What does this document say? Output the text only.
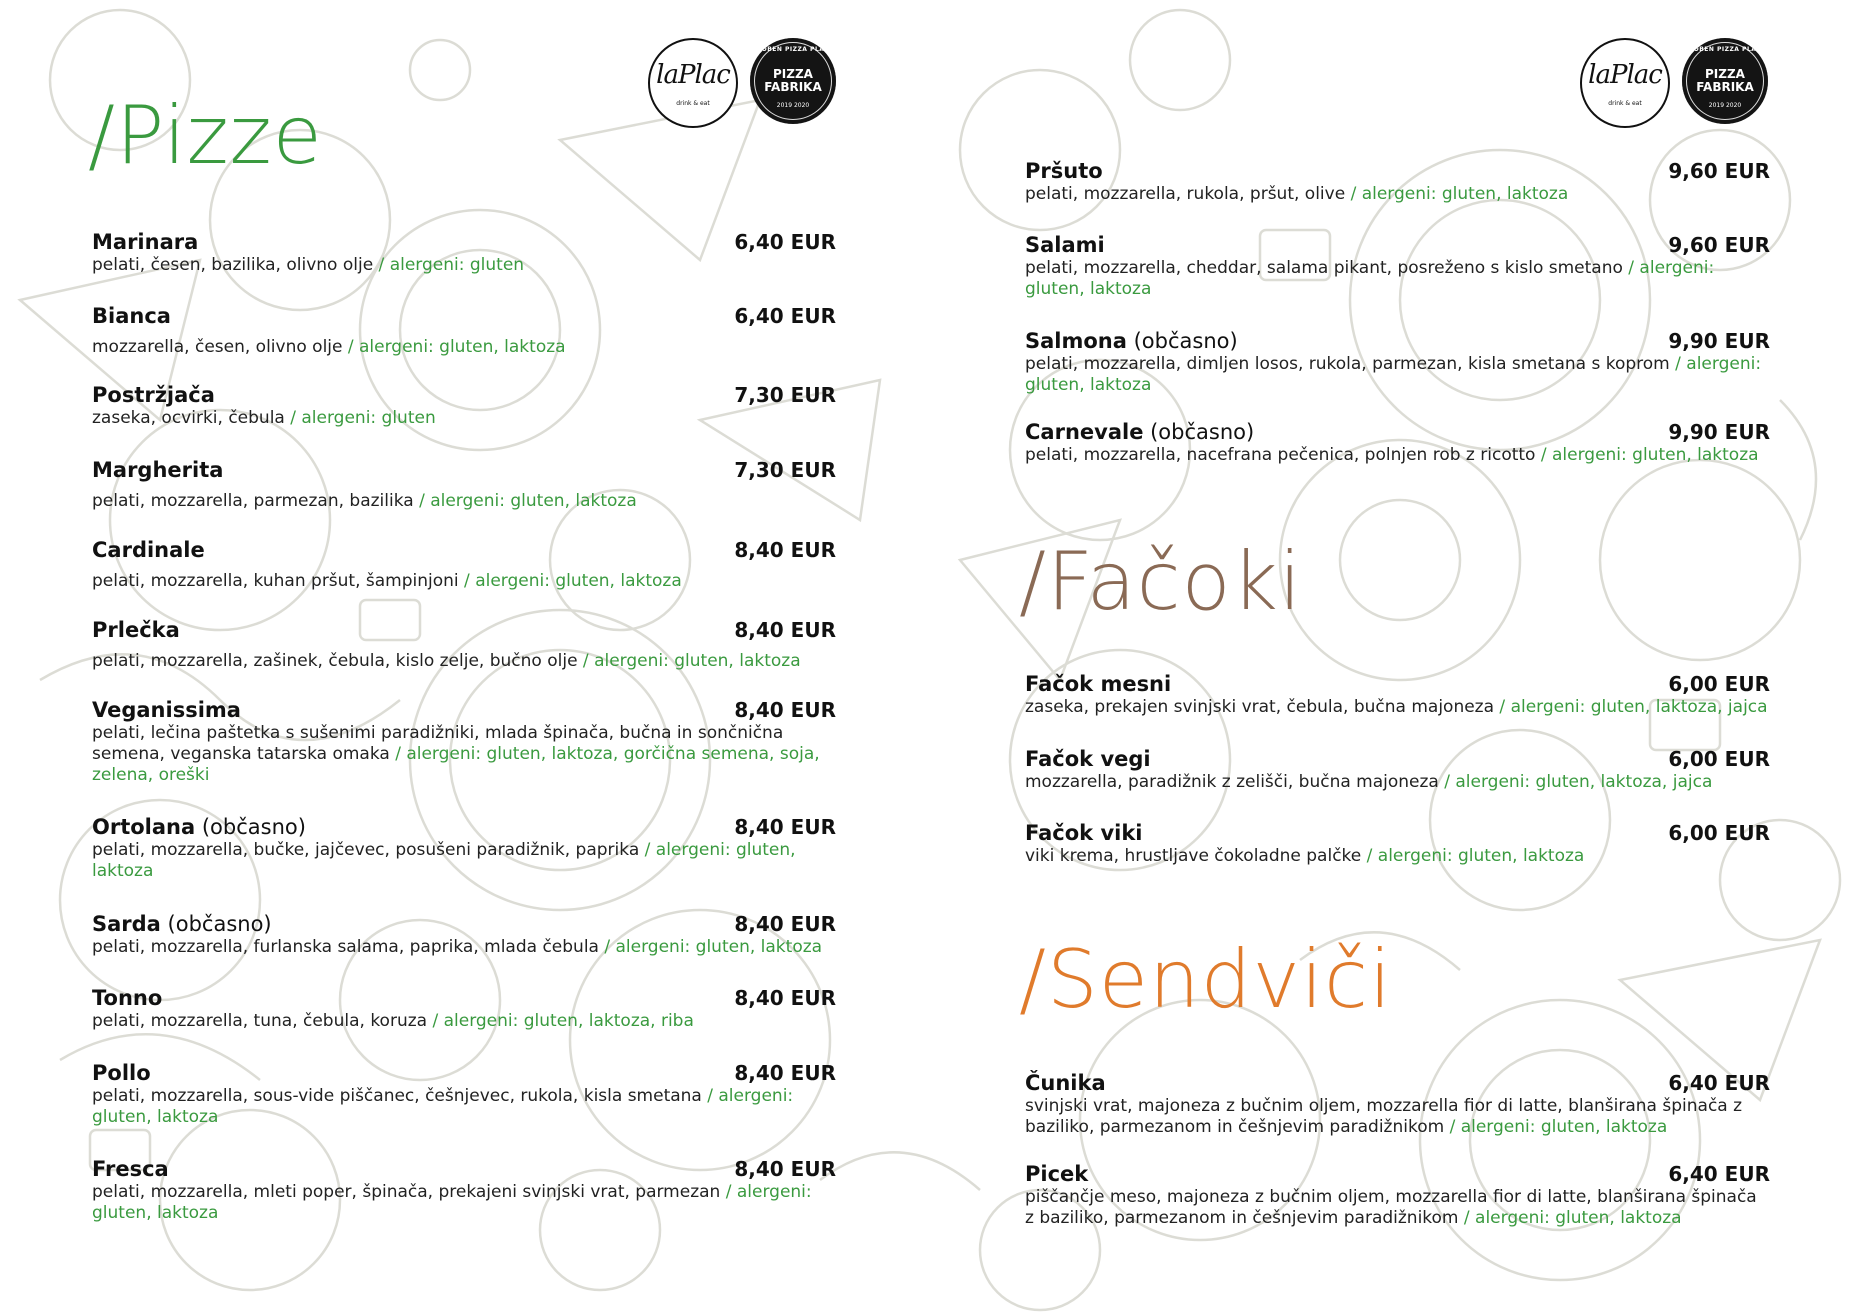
laPlac
drink & eat
GLOBEN PIZZA PLACE
PIZZA
FABRIKA
2019 2020
/Pizze
Marinara	6,40 EUR
pelati, česen, bazilika, olivno olje / alergeni: gluten
Bianca	6,40 EUR
mozzarella, česen, olivno olje / alergeni: gluten, laktoza
Postržjača	7,30 EUR
zaseka, ocvirki, čebula / alergeni: gluten
Margherita	7,30 EUR
pelati, mozzarella, parmezan, bazilika / alergeni: gluten, laktoza
Cardinale	8,40 EUR
pelati, mozzarella, kuhan pršut, šampinjoni / alergeni: gluten, laktoza
Prlečka	8,40 EUR
pelati, mozzarella, zašinek, čebula, kislo zelje, bučno olje / alergeni: gluten, laktoza
Veganissima	8,40 EUR
pelati, lečina paštetka s sušenimi paradižniki, mlada špinača, bučna in sončnična semena, veganska tatarska omaka / alergeni: gluten, laktoza, gorčična semena, soja, zelena, oreški
Ortolana (občasno)	8,40 EUR
pelati, mozzarella, bučke, jajčevec, posušeni paradižnik, paprika / alergeni: gluten, laktoza
Sarda (občasno)	8,40 EUR
pelati, mozzarella, furlanska salama, paprika, mlada čebula / alergeni: gluten, laktoza
Tonno	8,40 EUR
pelati, mozzarella, tuna, čebula, koruza / alergeni: gluten, laktoza, riba
Pollo	8,40 EUR
pelati, mozzarella, sous-vide piščanec, češnjevec, rukola, kisla smetana / alergeni: gluten, laktoza
Fresca	8,40 EUR
pelati, mozzarella, mleti poper, špinača, prekajeni svinjski vrat, parmezan / alergeni: gluten, laktoza
laPlac
drink & eat
GLOBEN PIZZA PLACE
PIZZA
FABRIKA
2019 2020
Pršuto	9,60 EUR
pelati, mozzarella, rukola, pršut, olive / alergeni: gluten, laktoza
Salami	9,60 EUR
pelati, mozzarella, cheddar, salama pikant, posreženo s kislo smetano / alergeni: gluten, laktoza
Salmona (občasno)	9,90 EUR
pelati, mozzarella, dimljen losos, rukola, parmezan, kisla smetana s koprom / alergeni: gluten, laktoza
Carnevale (občasno)	9,90 EUR
pelati, mozzarella, nacefrana pečenica, polnjen rob z ricotto / alergeni: gluten, laktoza
/Fačoki
Fačok mesni	6,00 EUR
zaseka, prekajen svinjski vrat, čebula, bučna majoneza / alergeni: gluten, laktoza, jajca
Fačok vegi	6,00 EUR
mozzarella, paradižnik z zelišči, bučna majoneza / alergeni: gluten, laktoza, jajca
Fačok viki	6,00 EUR
viki krema, hrustljave čokoladne palčke / alergeni: gluten, laktoza
/Sendviči
Čunika	6,40 EUR
svinjski vrat, majoneza z bučnim oljem, mozzarella fior di latte, blanširana špinača z baziliko, parmezanom in češnjevim paradižnikom / alergeni: gluten, laktoza
Picek	6,40 EUR
piščančje meso, majoneza z bučnim oljem, mozzarella fior di latte, blanširana špinača z baziliko, parmezanom in češnjevim paradižnikom / alergeni: gluten, laktoza
